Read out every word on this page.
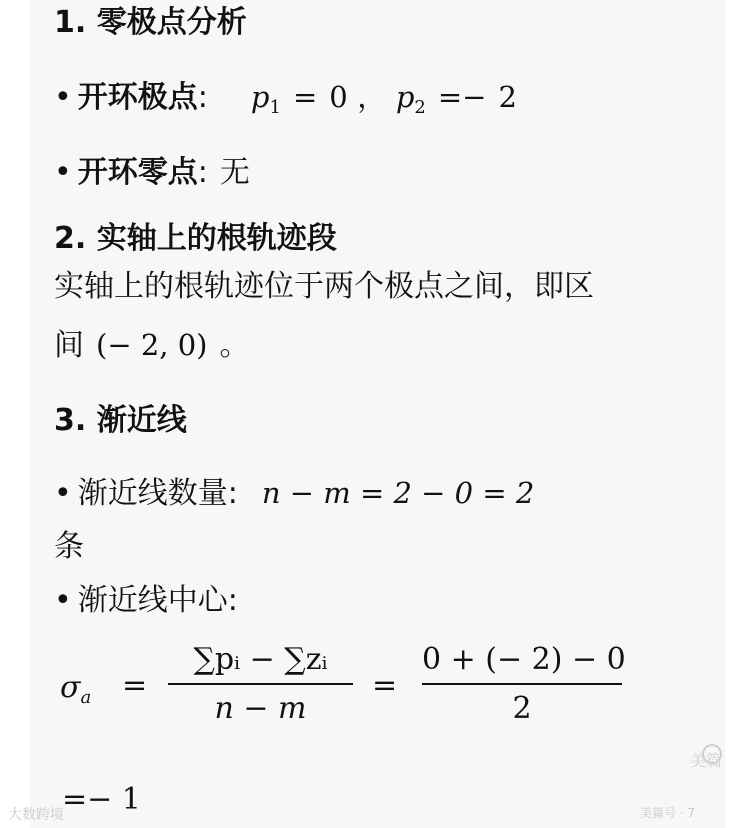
1. 零极点分析
• 开环极点: $p_1 = 0$ ， $p_2 =- 2$
• 开环零点: 无
2. 实轴上的根轨迹段
实轴上的根轨迹位于两个极点之间，即区
间 (− 2, 0) 。
3. 渐近线
• 渐近线数量: n − m = 2 − 0 = 2
条
• 渐近线中心:
$\sigma_a$ =
∑pᵢ − ∑zᵢ
n − m
=
0 + (− 2) − 0
2
=− 1
美篇
大数跨境	美篇号 · 7
